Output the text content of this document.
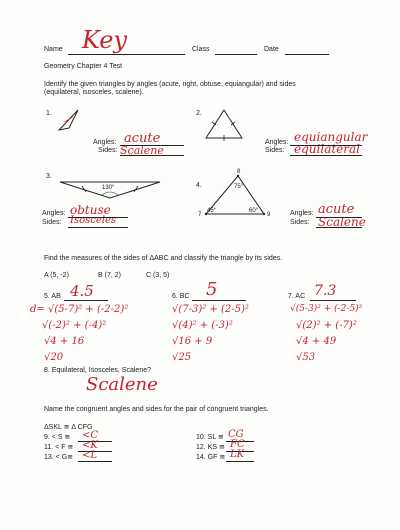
Name Key	Class	Date
Geometry Chapter 4 Test
Identify the given triangles by angles (acute, right, obtuse, equiangular) and sides
(equilateral, isosceles, scalene).
1.
Angles:
Sides:
acute
Scalene
2.
Angles:
Sides:
equiangular
equilateral
3.
130°
Angles:
Sides:
obtuse
Isosceles
4.
8
7	9
75°
45°	60°	Angles:
Sides:
acute
Scalene
Find the measures of the sides of ΔABC and classify the triangle by its sides.
A (5, -2)	B (7, 2)	C (3, 5)
5. AB 4.5
d= √(5-7)² + (-2-2)²
√(-2)² + (-4)²
√4 + 16
√20
6. BC 5
√(7-3)² + (2-5)²
√(4)² + (-3)²
√16 + 9
√25
7. AC 7.3
√(5-3)² + (-2-5)²
√(2)² + (-7)²
√4 + 49
√53
8. Equilateral, Isosceles, Scalene?
Scalene
Name the congruent angles and sides for the pair of congruent triangles.
ΔSKL ≅ Δ CFG
9. < S ≅ <C
11. < F ≅ <K
13. < G≅ <L
10. SL ≅ CG
12. KS ≅ FC
14. GF ≅ LK
